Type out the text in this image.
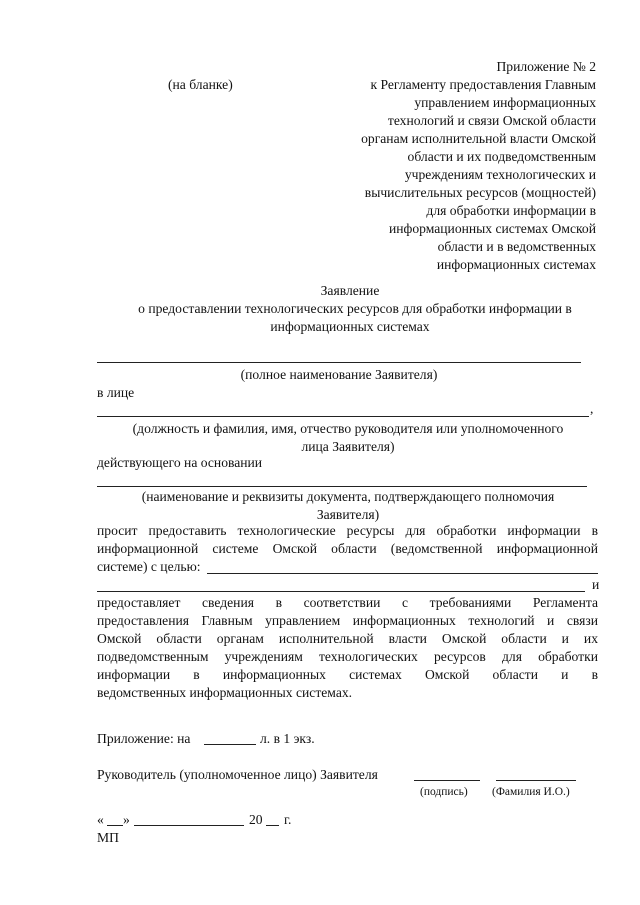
Приложение № 2
(на бланке)	к Регламенту предоставления Главным
управлением информационных
технологий и связи Омской области
органам исполнительной власти Омской
области и их подведомственным
учреждениям технологических и
вычислительных ресурсов (мощностей)
для обработки информации в
информационных системах Омской
области и в ведомственных
информационных системах
Заявление
о предоставлении технологических ресурсов для обработки информации в
информационных системах
(полное наименование Заявителя)
в лице
,
(должность и фамилия, имя, отчество руководителя или уполномоченного
лица Заявителя)
действующего на основании
(наименование и реквизиты документа, подтверждающего полномочия
Заявителя)
просит предоставить технологические ресурсы для обработки информации в
информационной системе Омской области (ведомственной информационной
системе) с целью:
и
предоставляет сведения в соответствии с требованиями Регламента
предоставления Главным управлением информационных технологий и связи
Омской области органам исполнительной власти Омской области и их
подведомственным учреждениям технологических ресурсов для обработки
информации в информационных системах Омской области и в
ведомственных информационных системах.
Приложение: на	л. в 1 экз.
Руководитель (уполномоченное лицо) Заявителя
(подпись) (Фамилия И.О.)
« »	20 г.
МП
